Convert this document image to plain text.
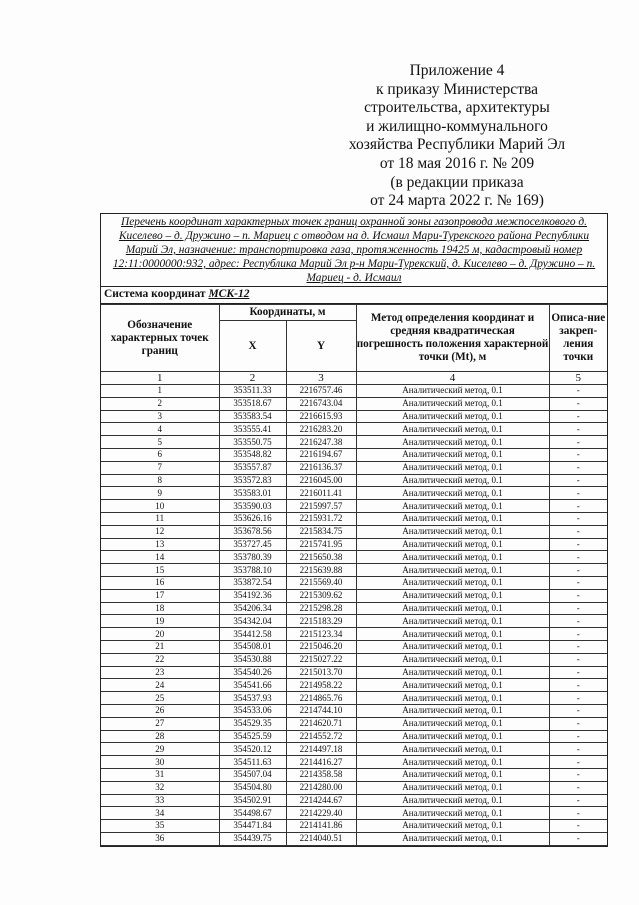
Приложение 4
к приказу Министерства
строительства, архитектуры
и жилищно-коммунального
хозяйства Республики Марий Эл
от 18 мая 2016 г. № 209
(в редакции приказа
от 24 марта 2022 г. № 169)
Перечень координат характерных точек границ охранной зоны газопровода межпоселкового д. Киселево – д. Дружино – п. Мариец с отводом на д. Исмаил Мари-Турекского района Республики Марий Эл, назначение: транспортировка газа, протяженность 19425 м, кадастровый номер 12:11:0000000:932, адрес: Республика Марий Эл р-н Мари-Турекский, д. Киселево – д. Дружино – п. Мариец - д. Исмаил
Система координат МСК-12
Обозначение характерных точек границ	Координаты, м		Метод определения координат и средняя квадратическая погрешность положения характерной точки (Mt), м	Описа-ние закреп-ления точки
	X	Y		
1	2	3	4	5
1	353511.33	2216757.46	Аналитический метод, 0.1	-
2	353518.67	2216743.04	Аналитический метод, 0.1	-
3	353583.54	2216615.93	Аналитический метод, 0.1	-
4	353555.41	2216283.20	Аналитический метод, 0.1	-
5	353550.75	2216247.38	Аналитический метод, 0.1	-
6	353548.82	2216194.67	Аналитический метод, 0.1	-
7	353557.87	2216136.37	Аналитический метод, 0.1	-
8	353572.83	2216045.00	Аналитический метод, 0.1	-
9	353583.01	2216011.41	Аналитический метод, 0.1	-
10	353590.03	2215997.57	Аналитический метод, 0.1	-
11	353626.16	2215931.72	Аналитический метод, 0.1	-
12	353678.56	2215834.75	Аналитический метод, 0.1	-
13	353727.45	2215741.95	Аналитический метод, 0.1	-
14	353780.39	2215650.38	Аналитический метод, 0.1	-
15	353788.10	2215639.88	Аналитический метод, 0.1	-
16	353872.54	2215569.40	Аналитический метод, 0.1	-
17	354192.36	2215309.62	Аналитический метод, 0.1	-
18	354206.34	2215298.28	Аналитический метод, 0.1	-
19	354342.04	2215183.29	Аналитический метод, 0.1	-
20	354412.58	2215123.34	Аналитический метод, 0.1	-
21	354508.01	2215046.20	Аналитический метод, 0.1	-
22	354530.88	2215027.22	Аналитический метод, 0.1	-
23	354540.26	2215013.70	Аналитический метод, 0.1	-
24	354541.66	2214958.22	Аналитический метод, 0.1	-
25	354537.93	2214865.76	Аналитический метод, 0.1	-
26	354533.06	2214744.10	Аналитический метод, 0.1	-
27	354529.35	2214620.71	Аналитический метод, 0.1	-
28	354525.59	2214552.72	Аналитический метод, 0.1	-
29	354520.12	2214497.18	Аналитический метод, 0.1	-
30	354511.63	2214416.27	Аналитический метод, 0.1	-
31	354507.04	2214358.58	Аналитический метод, 0.1	-
32	354504.80	2214280.00	Аналитический метод, 0.1	-
33	354502.91	2214244.67	Аналитический метод, 0.1	-
34	354498.67	2214229.40	Аналитический метод, 0.1	-
35	354471.84	2214141.86	Аналитический метод, 0.1	-
36	354439.75	2214040.51	Аналитический метод, 0.1	-
